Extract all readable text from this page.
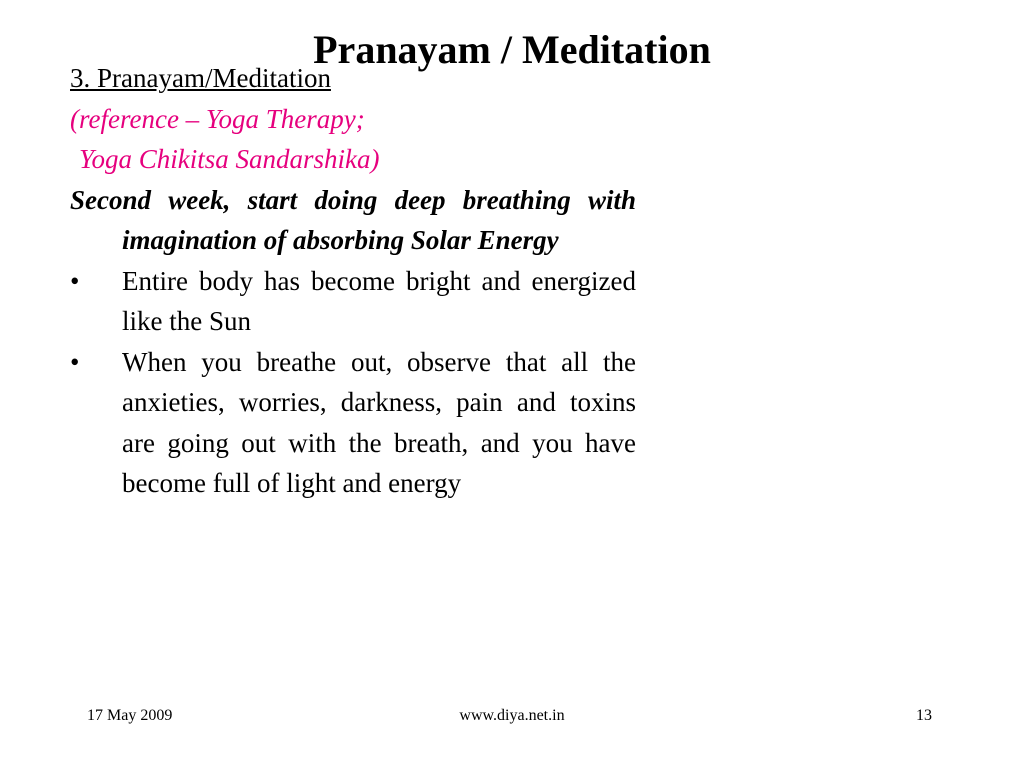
Pranayam / Meditation

3. Pranayam/Meditation

(reference – Yoga Therapy;

Yoga Chikitsa Sandarshika)

Second week, start doing deep breathing with imagination of absorbing Solar Energy

•	Entire body has become bright and energized like the Sun
•	When you breathe out, observe that all the anxieties, worries, darkness, pain and toxins are going out with the breath, and you have become full of light and energy
17 May 2009	www.diya.net.in	13
